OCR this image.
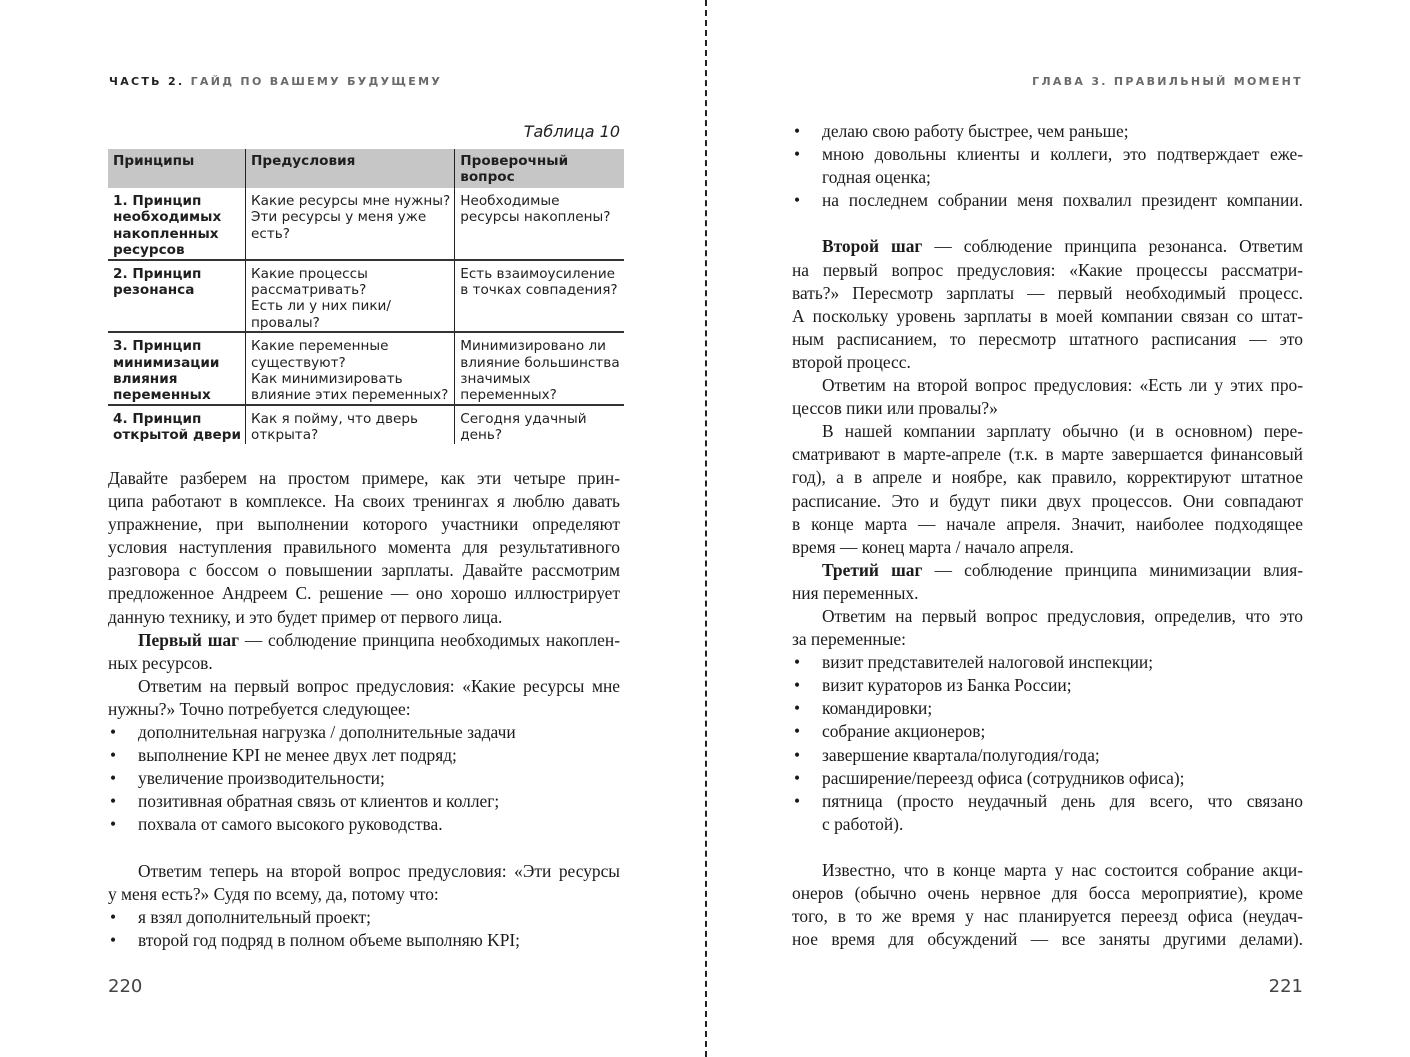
ЧАСТЬ 2. ГАЙД ПО ВАШЕМУ БУДУЩЕМУ	ГЛАВА 3. ПРАВИЛЬНЫЙ МОМЕНТ
Таблица 10
Принципы	Предусловия	Проверочный
вопрос

1. Принцип
необходимых
накопленных
ресурсов	Какие ресурсы мне нужны?
Эти ресурсы у меня уже
есть?	Необходимые
ресурсы накоплены?

2. Принцип
резонанса	Какие процессы
рассматривать?
Есть ли у них пики/
провалы?	Есть взаимоусиление
в точках совпадения?

3. Принцип
минимизации
влияния
переменных	Какие переменные
существуют?
Как минимизировать
влияние этих переменных?	Минимизировано ли
влияние большинства
значимых
переменных?

4. Принцип
открытой двери	Как я пойму, что дверь
открыта?	Сегодня удачный
день?
Давайте разберем на простом примере, как эти четыре прин-
ципа работают в комплексе. На своих тренингах я люблю давать
упражнение, при выполнении которого участники определяют
условия наступления правильного момента для результативного
разговора с боссом о повышении зарплаты. Давайте рассмотрим
предложенное Андреем С. решение — оно хорошо иллюстрирует
данную технику, и это будет пример от первого лица.
Первый шаг — соблюдение принципа необходимых накоплен-
ных ресурсов.
Ответим на первый вопрос предусловия: «Какие ресурсы мне
нужны?» Точно потребуется следующее:
• дополнительная нагрузка / дополнительные задачи
• выполнение KPI не менее двух лет подряд;
• увеличение производительности;
• позитивная обратная связь от клиентов и коллег;
• похвала от самого высокого руководства.
Ответим теперь на второй вопрос предусловия: «Эти ресурсы
у меня есть?» Судя по всему, да, потому что:
• я взял дополнительный проект;
• второй год подряд в полном объеме выполняю KPI;
• делаю свою работу быстрее, чем раньше;
• мною довольны клиенты и коллеги, это подтверждает еже-
годная оценка;
• на последнем собрании меня похвалил президент компании.
Второй шаг — соблюдение принципа резонанса. Ответим
на первый вопрос предусловия: «Какие процессы рассматри-
вать?» Пересмотр зарплаты — первый необходимый процесс.
А поскольку уровень зарплаты в моей компании связан со штат-
ным расписанием, то пересмотр штатного расписания — это
второй процесс.
Ответим на второй вопрос предусловия: «Есть ли у этих про-
цессов пики или провалы?»
В нашей компании зарплату обычно (и в основном) пере-
сматривают в марте-апреле (т.к. в марте завершается финансовый
год), а в апреле и ноябре, как правило, корректируют штатное
расписание. Это и будут пики двух процессов. Они совпадают
в конце марта — начале апреля. Значит, наиболее подходящее
время — конец марта / начало апреля.
Третий шаг — соблюдение принципа минимизации влия-
ния переменных.
Ответим на первый вопрос предусловия, определив, что это
за переменные:
• визит представителей налоговой инспекции;
• визит кураторов из Банка России;
• командировки;
• собрание акционеров;
• завершение квартала/полугодия/года;
• расширение/переезд офиса (сотрудников офиса);
• пятница (просто неудачный день для всего, что связано
с работой).
Известно, что в конце марта у нас состоится собрание акци-
онеров (обычно очень нервное для босса мероприятие), кроме
того, в то же время у нас планируется переезд офиса (неудач-
ное время для обсуждений — все заняты другими делами).
220	221
